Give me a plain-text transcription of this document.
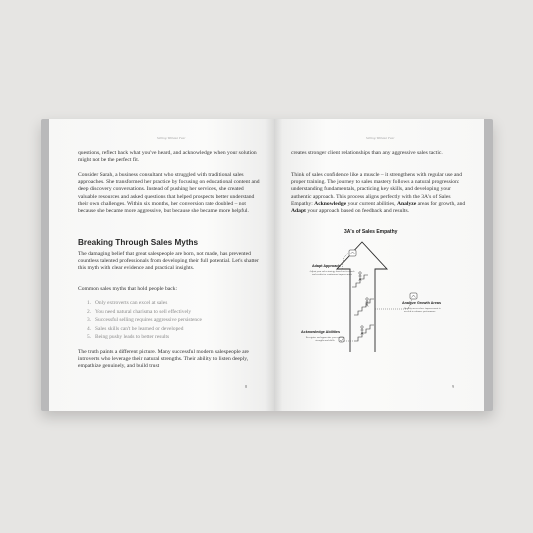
Selling Without Fear

questions, reflect back what you've heard, and acknowledge when your solution might not be the perfect fit.

Consider Sarah, a business consultant who struggled with traditional sales approaches. She transformed her practice by focusing on educational content and deep discovery conversations. Instead of pushing her services, she created valuable resources and asked questions that helped prospects better understand their own challenges. Within six months, her conversion rate doubled – not because she became more aggressive, but because she became more helpful.

Breaking Through Sales Myths

The damaging belief that great salespeople are born, not made, has prevented countless talented professionals from developing their full potential. Let's shatter this myth with clear evidence and practical insights.

Common sales myths that hold people back:

1. Only extroverts can excel at sales
2. You need natural charisma to sell effectively
3. Successful selling requires aggressive persistence
4. Sales skills can't be learned or developed
5. Being pushy leads to better results

The truth paints a different picture. Many successful modern salespeople are introverts who leverage their natural strengths. Their ability to listen deeply, empathize genuinely, and build trust

8
Selling Without Fear

creates stronger client relationships than any aggressive sales tactic.

Think of sales confidence like a muscle – it strengthens with regular use and proper training. The journey to sales mastery follows a natural progression: understanding fundamentals, practicing key skills, and developing your authentic approach. This process aligns perfectly with the 3A's of Sales Empathy: Acknowledge your current abilities, Analyze areas for growth, and Adapt your approach based on feedback and results.

3A's of Sales Empathy
Adapt Approach
Adjust your sales strategy based on feedback and results for continuous improvement
Analyze Growth Areas
Identify areas where improvement is needed to enhance performance
Acknowledge Abilities
Recognize and appreciate your current strengths and skills
9
